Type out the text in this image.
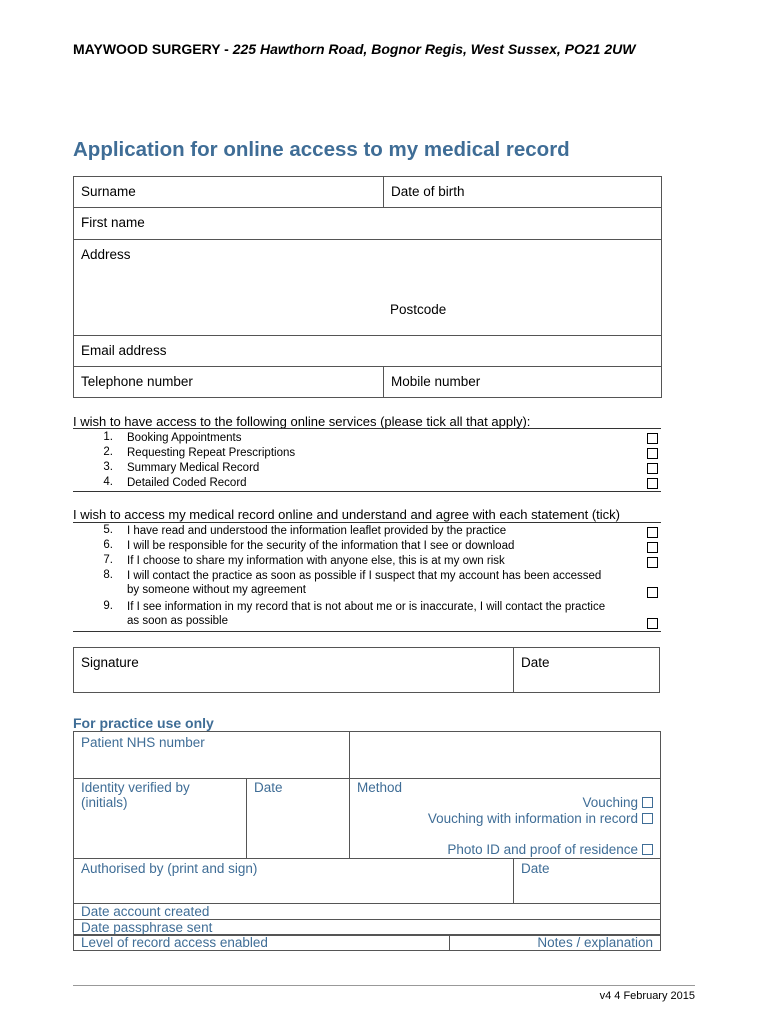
MAYWOOD SURGERY - 225 Hawthorn Road, Bognor Regis, West Sussex, PO21 2UW
Application for online access to my medical record
Surname	Date of birth

First name	

Address
Postcode	

Email address	

Telephone number	Mobile number
I wish to have access to the following online services (please tick all that apply):
1. Booking Appointments
2. Requesting Repeat Prescriptions
3. Summary Medical Record
4. Detailed Coded Record
I wish to access my medical record online and understand and agree with each statement (tick)
5. I have read and understood the information leaflet provided by the practice
6. I will be responsible for the security of the information that I see or download
7. If I choose to share my information with anyone else, this is at my own risk
8. I will contact the practice as soon as possible if I suspect that my account has been accessed by someone without my agreement
9. If I see information in my record that is not about me or is inaccurate, I will contact the practice as soon as possible
Signature	Date
For practice use only
Patient NHS number		

Identity verified by (initials)	Date	Method
Vouching
Vouching with information in record
Photo ID and proof of residence
Authorised by (print and sign)	Date

Date account created

Date passphrase sent
Level of record access enabled	Notes / explanation
v4 4 February 2015
